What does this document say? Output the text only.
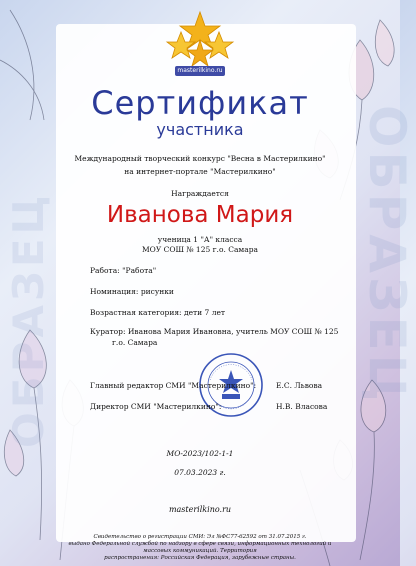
ОБРАЗЕЦ
ОБРАЗЕЦ
masterilkino.ru
Сертификат
участника
Международный творческий конкурс "Весна в Мастерилкино"
на интернет-портале "Мастерилкино"
Награждается
Иванова Мария
ученица 1 "А" класса
МОУ СОШ № 125 г.о. Самара
Работа: "Работа"
Номинация: рисунки
Возрастная категория: дети 7 лет
Куратор: Иванова Мария Ивановна, учитель МОУ СОШ № 125
г.о. Самара
Главный редактор СМИ "Мастерилкино":	Е.С. Львова
Директор СМИ "Мастерилкино":	Н.В. Власова
МО-2023/102-1-1
07.03.2023 г.
masterilkino.ru
Свидетельство о регистрации СМИ: Эл №ФС77-62592 от 31.07.2015 г.
выдано Федеральной службой по надзору в сфере связи, информационных технологий и массовых коммуникаций. Территория
распространения: Российская Федерация, зарубежные страны.
